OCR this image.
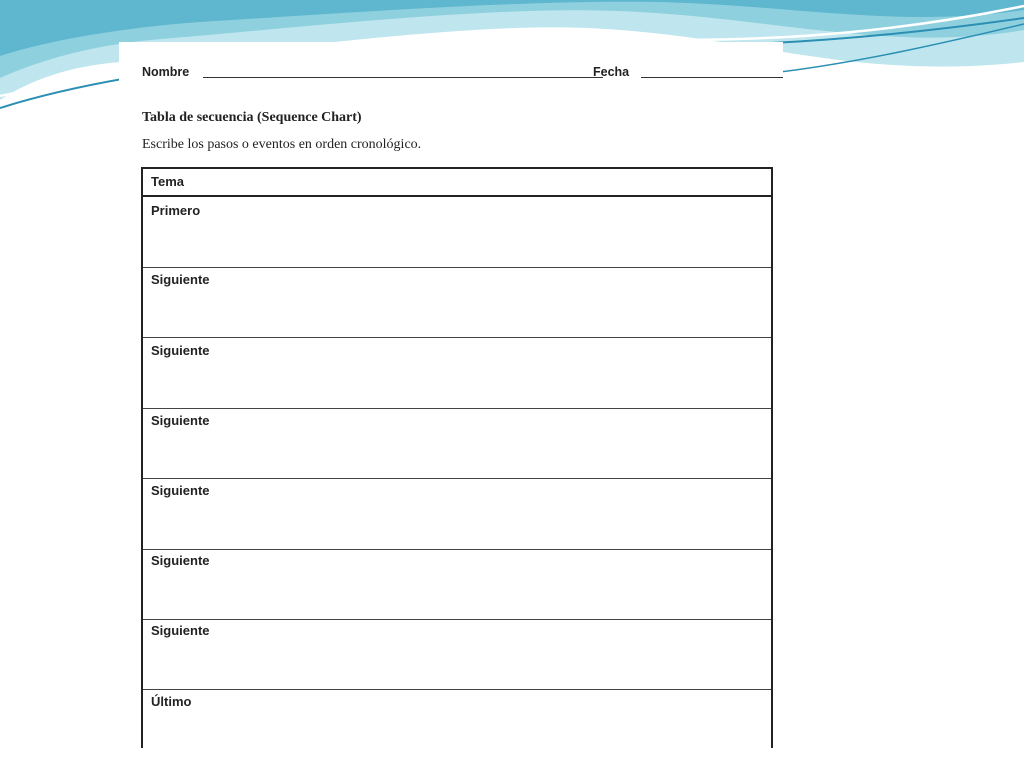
Nombre	Fecha
Tabla de secuencia (Sequence Chart)
Escribe los pasos o eventos en orden cronológico.
Tema
Primero
Siguiente
Siguiente
Siguiente
Siguiente
Siguiente
Siguiente
Último
